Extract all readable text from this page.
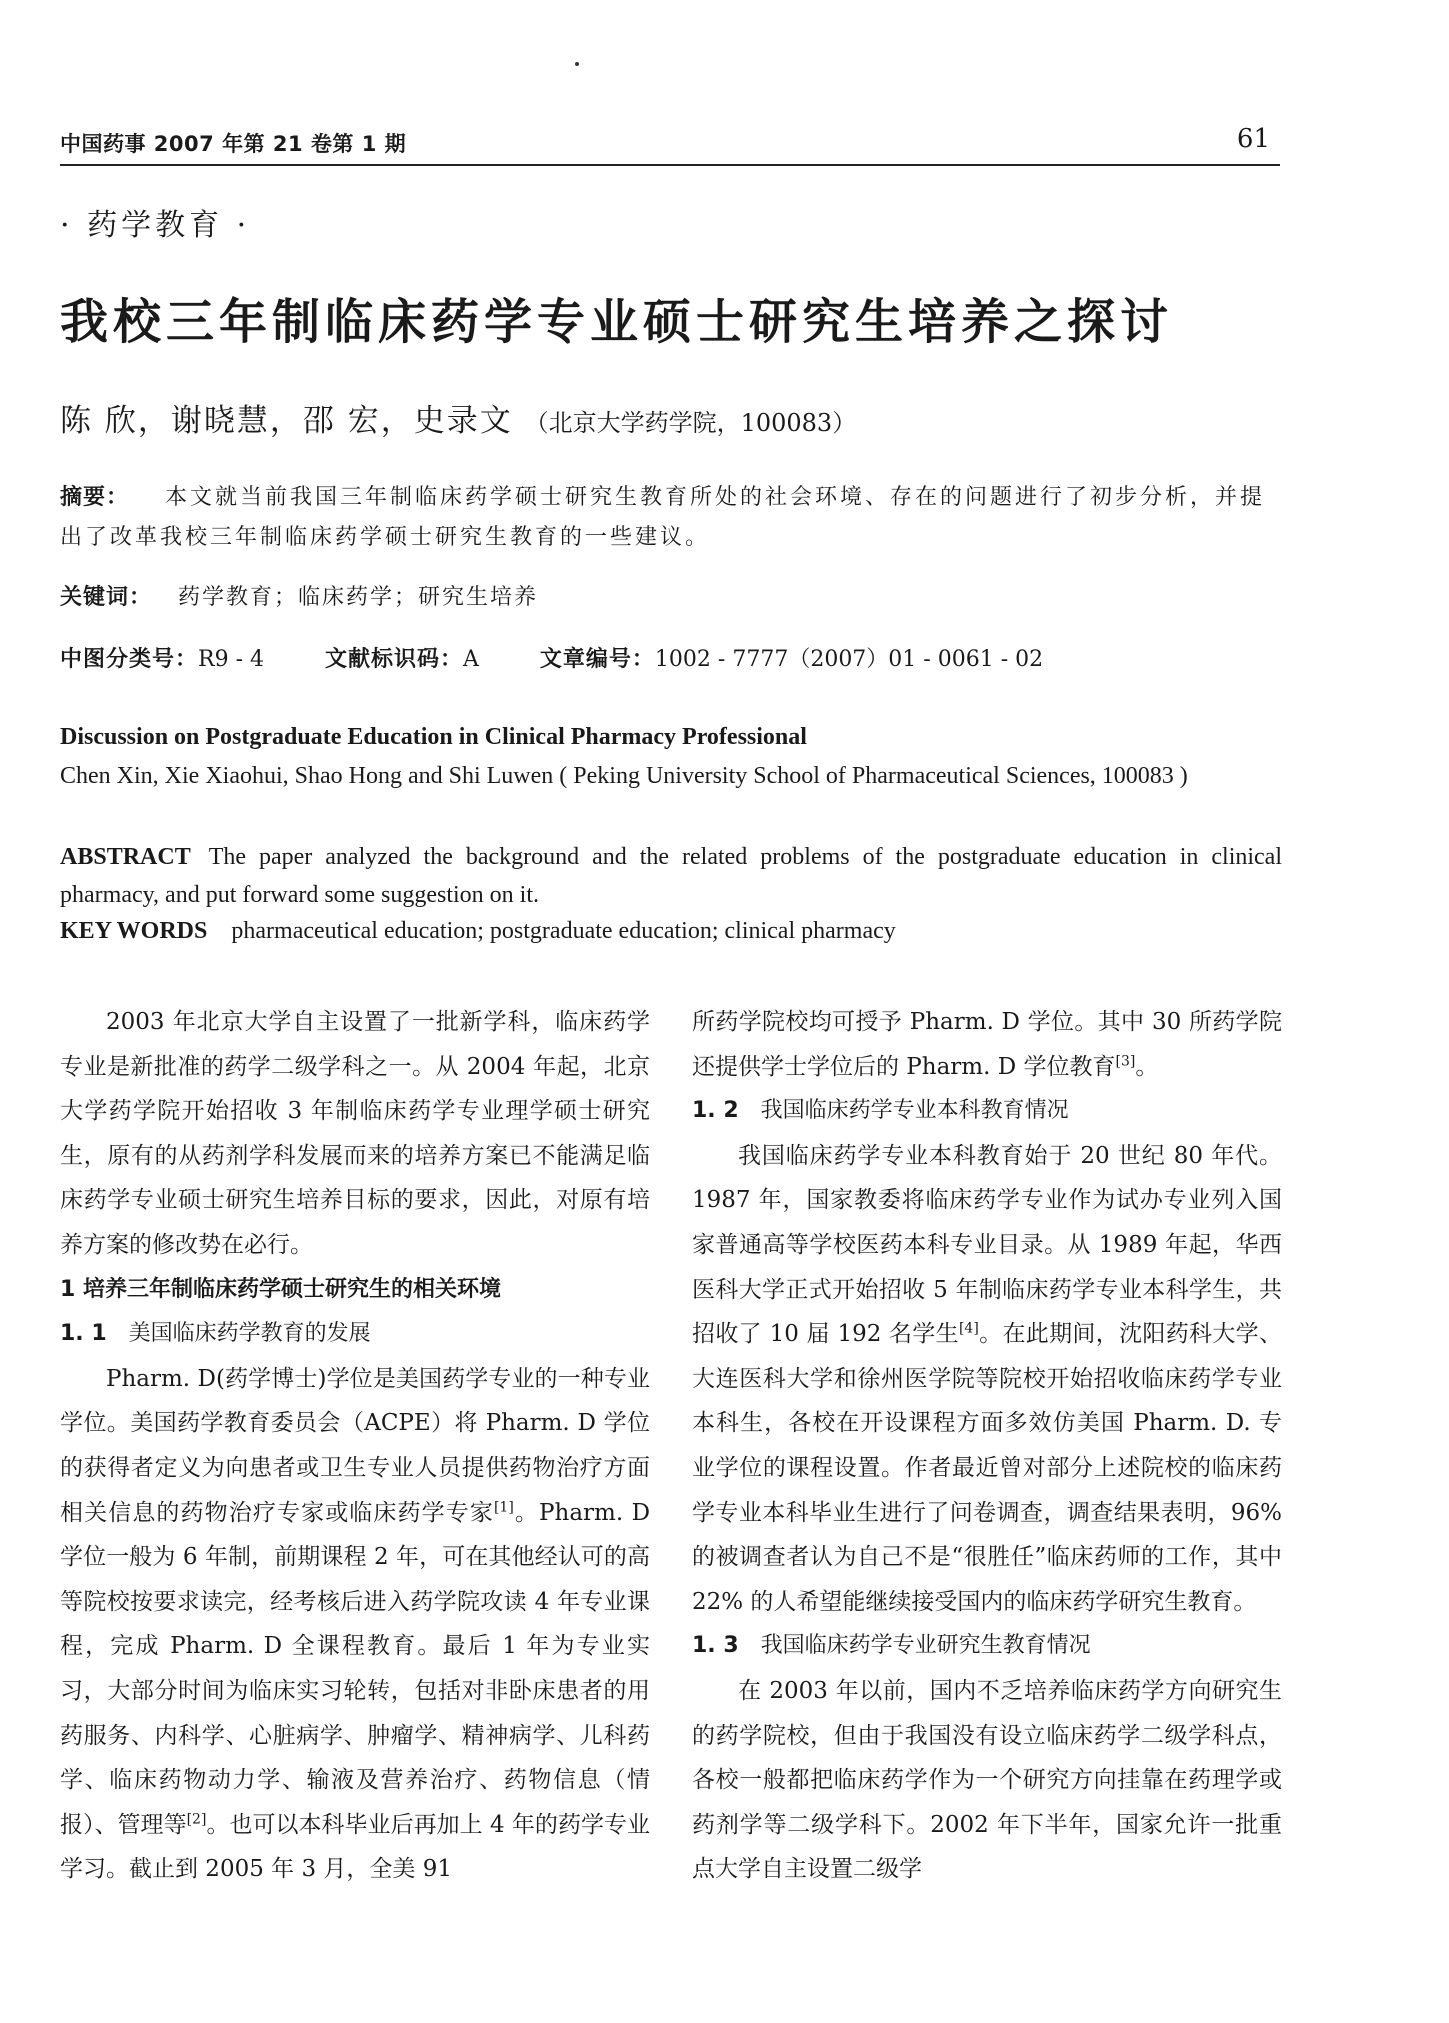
中国药事 2007 年第 21 卷第 1 期	61
· 药学教育 ·
我校三年制临床药学专业硕士研究生培养之探讨
陈 欣，谢晓慧，邵 宏，史录文 （北京大学药学院，100083）
摘要： 本文就当前我国三年制临床药学硕士研究生教育所处的社会环境、存在的问题进行了初步分析，并提出了改革我校三年制临床药学硕士研究生教育的一些建议。
关键词： 药学教育；临床药学；研究生培养
中图分类号：R9 - 4	文献标识码：A	文章编号：1002 - 7777（2007）01 - 0061 - 02
Discussion on Postgraduate Education in Clinical Pharmacy Professional
Chen Xin, Xie Xiaohui, Shao Hong and Shi Luwen ( Peking University School of Pharmaceutical Sciences, 100083 )
ABSTRACT The paper analyzed the background and the related problems of the postgraduate education in clinical pharmacy, and put forward some suggestion on it.
KEY WORDS pharmaceutical education; postgraduate education; clinical pharmacy

2003 年北京大学自主设置了一批新学科，临床药学专业是新批准的药学二级学科之一。从 2004 年起，北京大学药学院开始招收 3 年制临床药学专业理学硕士研究生，原有的从药剂学科发展而来的培养方案已不能满足临床药学专业硕士研究生培养目标的要求，因此，对原有培养方案的修改势在必行。

1 培养三年制临床药学硕士研究生的相关环境

1. 1 美国临床药学教育的发展

Pharm. D(药学博士)学位是美国药学专业的一种专业学位。美国药学教育委员会（ACPE）将 Pharm. D 学位的获得者定义为向患者或卫生专业人员提供药物治疗方面相关信息的药物治疗专家或临床药学专家[1]。Pharm. D 学位一般为 6 年制，前期课程 2 年，可在其他经认可的高等院校按要求读完，经考核后进入药学院攻读 4 年专业课程，完成 Pharm. D 全课程教育。最后 1 年为专业实习，大部分时间为临床实习轮转，包括对非卧床患者的用药服务、内科学、心脏病学、肿瘤学、精神病学、儿科药学、临床药物动力学、输液及营养治疗、药物信息（情报）、管理等[2]。也可以本科毕业后再加上 4 年的药学专业学习。截止到 2005 年 3 月，全美 91

所药学院校均可授予 Pharm. D 学位。其中 30 所药学院还提供学士学位后的 Pharm. D 学位教育[3]。

1. 2 我国临床药学专业本科教育情况

我国临床药学专业本科教育始于 20 世纪 80 年代。1987 年，国家教委将临床药学专业作为试办专业列入国家普通高等学校医药本科专业目录。从 1989 年起，华西医科大学正式开始招收 5 年制临床药学专业本科学生，共招收了 10 届 192 名学生[4]。在此期间，沈阳药科大学、大连医科大学和徐州医学院等院校开始招收临床药学专业本科生，各校在开设课程方面多效仿美国 Pharm. D. 专业学位的课程设置。作者最近曾对部分上述院校的临床药学专业本科毕业生进行了问卷调查，调查结果表明，96% 的被调查者认为自己不是“很胜任”临床药师的工作，其中 22% 的人希望能继续接受国内的临床药学研究生教育。

1. 3 我国临床药学专业研究生教育情况

在 2003 年以前，国内不乏培养临床药学方向研究生的药学院校，但由于我国没有设立临床药学二级学科点，各校一般都把临床药学作为一个研究方向挂靠在药理学或药剂学等二级学科下。2002 年下半年，国家允许一批重点大学自主设置二级学
